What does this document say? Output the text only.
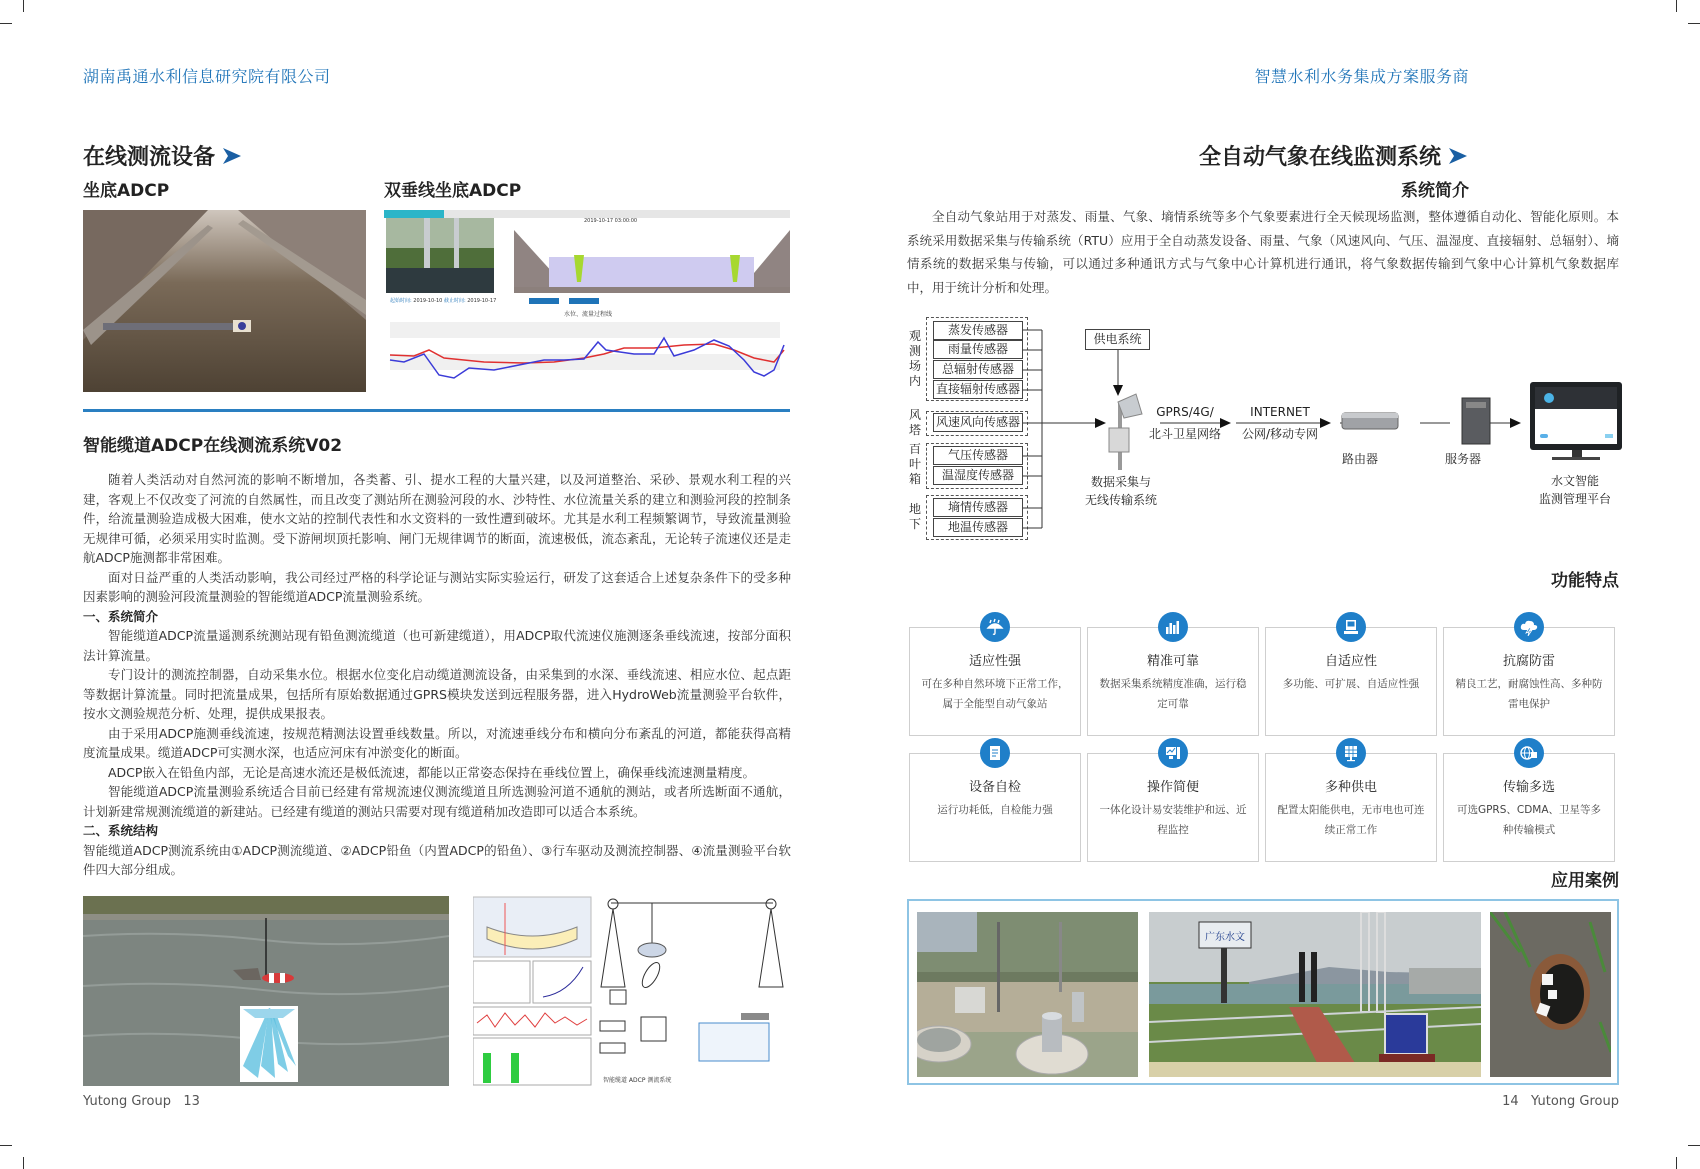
湖南禹通水利信息研究院有限公司
在线测流设备
坐底ADCP	双垂线坐底ADCP
2019-10-17 03:00:00
起始时间: 2019-10-10 截止时间: 2019-10-17
水位、流量过程线
智能缆道ADCP在线测流系统V02

随着人类活动对自然河流的影响不断增加，各类蓄、引、提水工程的大量兴建，以及河道整治、采砂、景观水利工程的兴建，客观上不仅改变了河流的自然属性，而且改变了测站所在测验河段的水、沙特性、水位流量关系的建立和测验河段的控制条件，给流量测验造成极大困难，使水文站的控制代表性和水文资料的一致性遭到破坏。尤其是水利工程频繁调节，导致流量测验无规律可循，必须采用实时监测。受下游闸坝顶托影响、闸门无规律调节的断面，流速极低，流态紊乱，无论转子流速仪还是走航ADCP施测都非常困难。

面对日益严重的人类活动影响，我公司经过严格的科学论证与测站实际实验运行，研发了这套适合上述复杂条件下的受多种因素影响的测验河段流量测验的智能缆道ADCP流量测验系统。

一、系统简介

智能缆道ADCP流量遥测系统测站现有铅鱼测流缆道（也可新建缆道），用ADCP取代流速仪施测逐条垂线流速，按部分面积法计算流量。

专门设计的测流控制器，自动采集水位。根据水位变化启动缆道测流设备，由采集到的水深、垂线流速、相应水位、起点距等数据计算流量。同时把流量成果，包括所有原始数据通过GPRS模块发送到远程服务器，进入HydroWeb流量测验平台软件，按水文测验规范分析、处理，提供成果报表。

由于采用ADCP施测垂线流速，按规范精测法设置垂线数量。所以，对流速垂线分布和横向分布紊乱的河道，都能获得高精度流量成果。缆道ADCP可实测水深，也适应河床有冲淤变化的断面。

ADCP嵌入在铅鱼内部，无论是高速水流还是极低流速，都能以正常姿态保持在垂线位置上，确保垂线流速测量精度。

智能缆道ADCP流量测验系统适合目前已经建有常规流速仪测流缆道且所选测验河道不通航的测站，或者所选断面不通航，计划新建常规测流缆道的新建站。已经建有缆道的测站只需要对现有缆道稍加改造即可以适合本系统。

二、系统结构

智能缆道ADCP测流系统由①ADCP测流缆道、②ADCP铅鱼（内置ADCP的铅鱼）、③行车驱动及测流控制器、④流量测验平台软件四大部分组成。

智能缆道 ADCP 测流系统
Yutong Group 13
智慧水利水务集成方案服务商
全自动气象在线监测系统
系统简介
全自动气象站用于对蒸发、雨量、气象、墒情系统等多个气象要素进行全天候现场监测，整体遵循自动化、智能化原则。本系统采用数据采集与传输系统（RTU）应用于全自动蒸发设备、雨量、气象（风速风向、气压、温湿度、直接辐射、总辐射）、墒情系统的数据采集与传输，可以通过多种通讯方式与气象中心计算机进行通讯，将气象数据传输到气象中心计算机气象数据库中，用于统计分析和处理。
观
测
场
内
蒸发传感器
雨量传感器
总辐射传感器
直接辐射传感器
风
塔
风速风向传感器
百
叶
箱
气压传感器
温湿度传感器
地
下
墒情传感器
地温传感器
供电系统
数据采集与
无线传输系统
GPRS/4G/
北斗卫星网络
INTERNET
公网/移动专网
路由器	服务器
水文智能
监测管理平台
功能特点
适应性强
可在多种自然环境下正常工作，属于全能型自动气象站
精准可靠
数据采集系统精度准确，运行稳定可靠
自适应性
多功能、可扩展、自适应性强
抗腐防雷
精良工艺，耐腐蚀性高、多种防雷电保护
设备自检
运行功耗低，自检能力强
操作简便
一体化设计易安装维护和远、近程监控
多种供电
配置太阳能供电，无市电也可连续正常工作
传输多选
可选GPRS、CDMA、卫星等多种传输模式
应用案例
广东水文
14 Yutong Group
